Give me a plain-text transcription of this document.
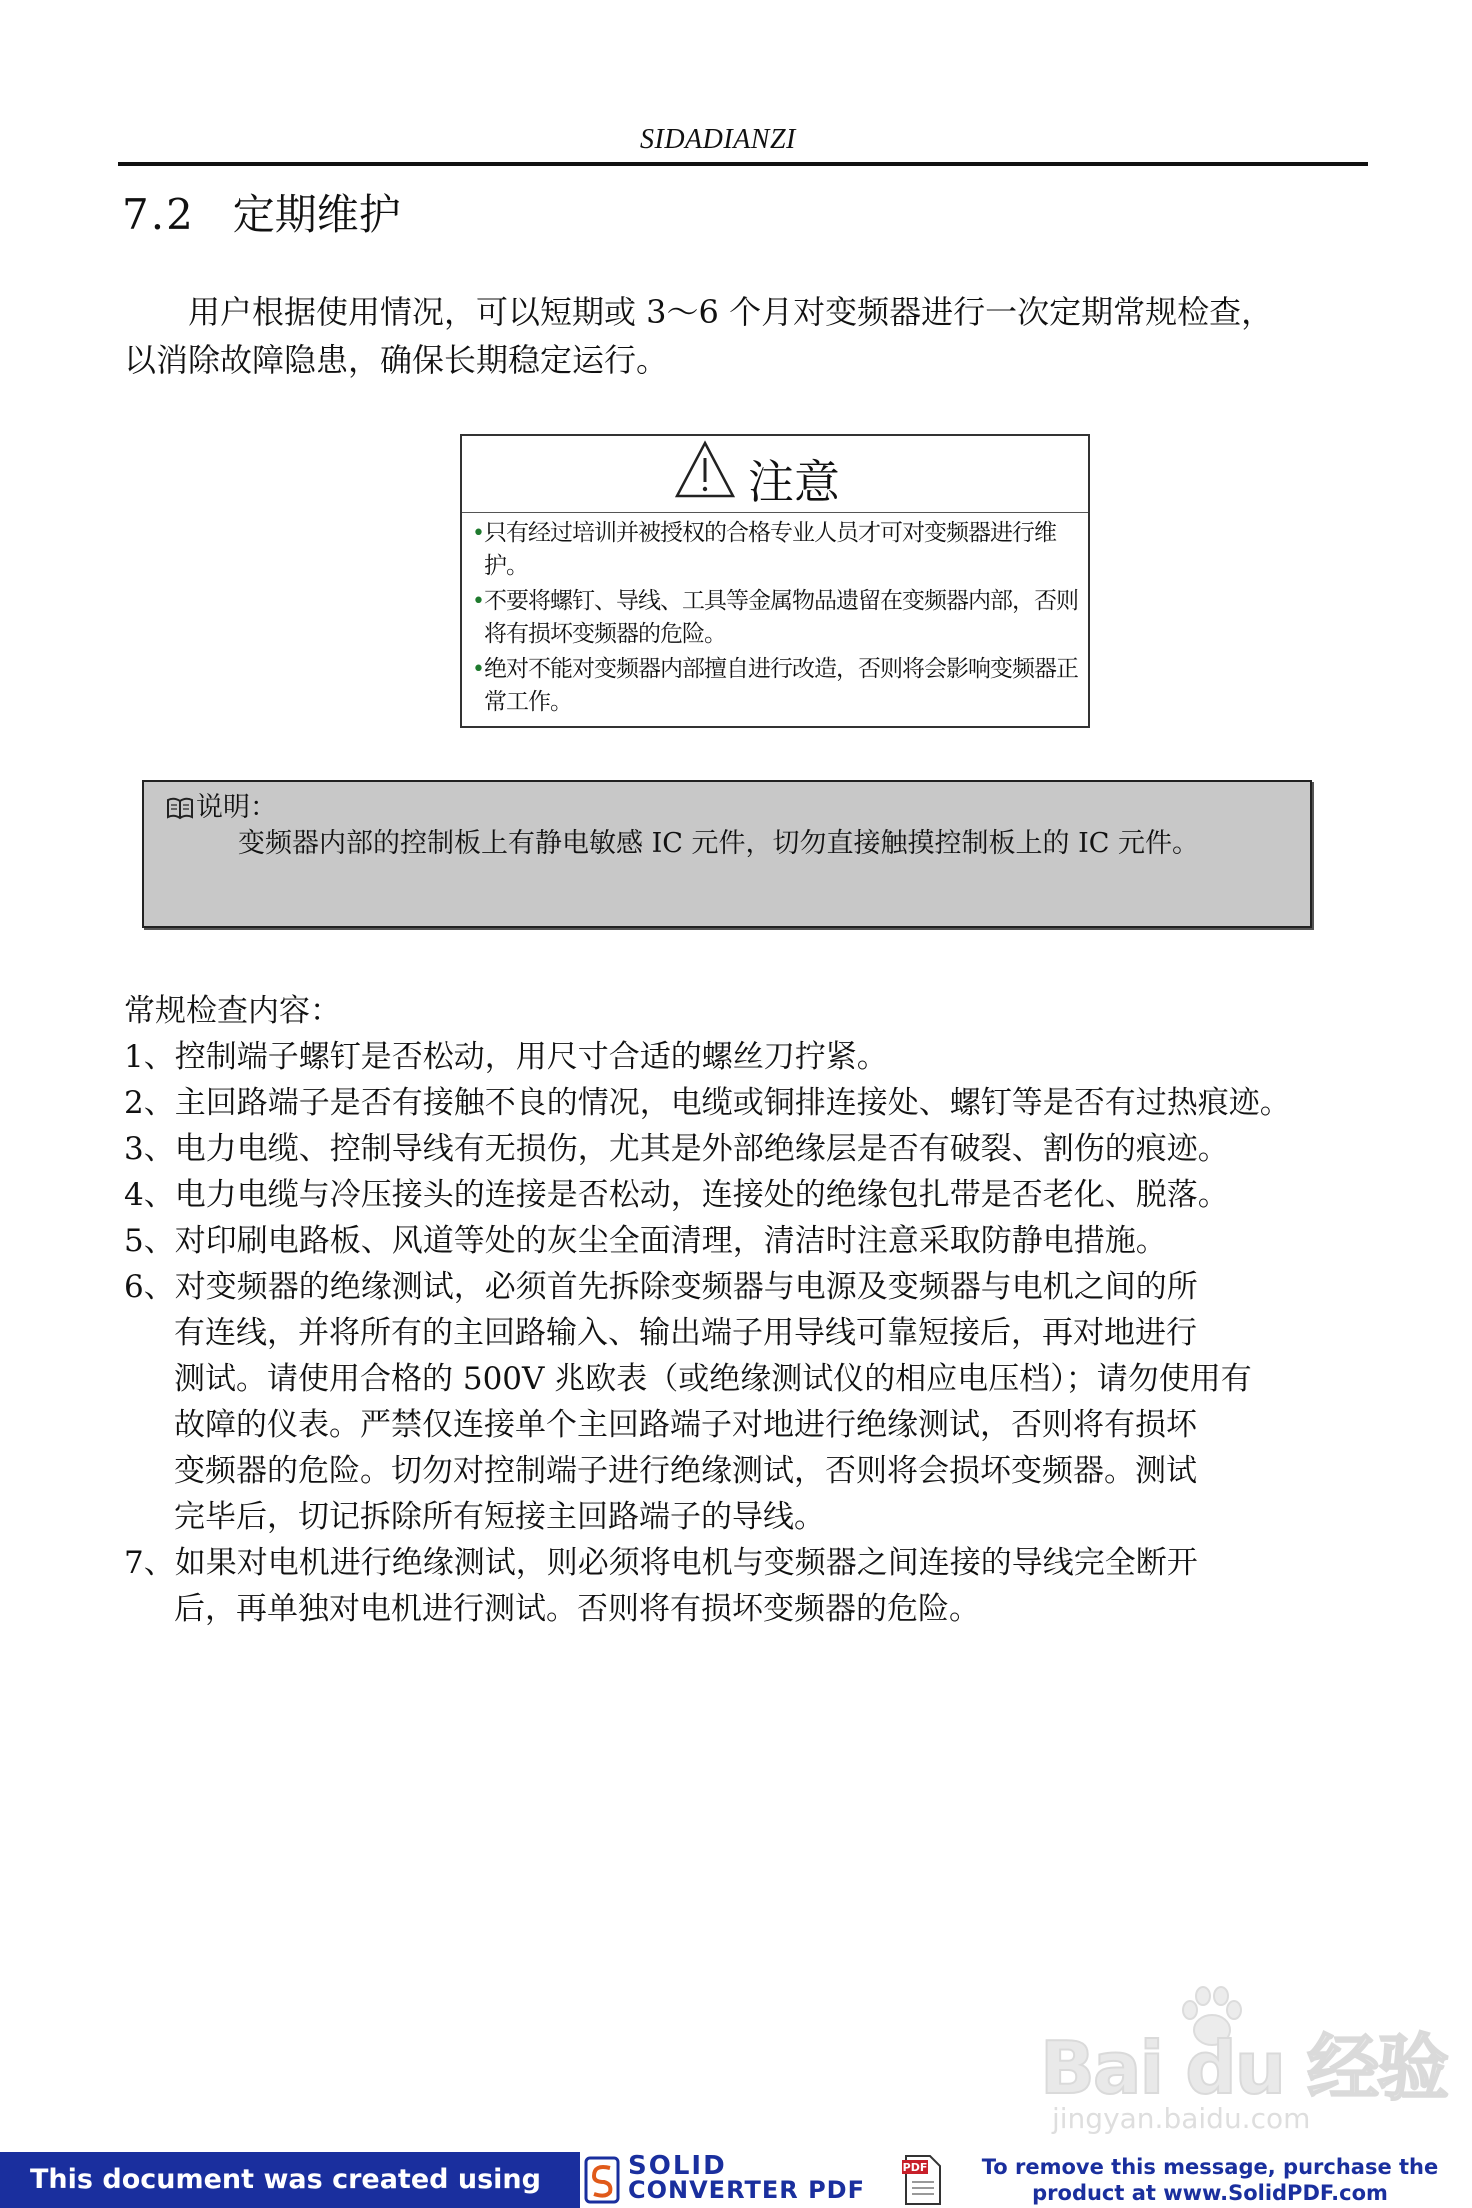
SIDADIANZI
7.2 定期维护
用户根据使用情况，可以短期或 3～6 个月对变频器进行一次定期常规检查，
以消除故障隐患，确保长期稳定运行。
注意
• 只有经过培训并被授权的合格专业人员才可对变频器进行维护。
• 不要将螺钉、导线、工具等金属物品遗留在变频器内部，否则将有损坏变频器的危险。
• 绝对不能对变频器内部擅自进行改造，否则将会影响变频器正常工作。
说明：
变频器内部的控制板上有静电敏感 IC 元件，切勿直接触摸控制板上的 IC 元件。
常规检查内容：
1、控制端子螺钉是否松动，用尺寸合适的螺丝刀拧紧。
2、主回路端子是否有接触不良的情况，电缆或铜排连接处、螺钉等是否有过热痕迹。
3、电力电缆、控制导线有无损伤，尤其是外部绝缘层是否有破裂、割伤的痕迹。
4、电力电缆与冷压接头的连接是否松动，连接处的绝缘包扎带是否老化、脱落。
5、对印刷电路板、风道等处的灰尘全面清理，清洁时注意采取防静电措施。
6、对变频器的绝缘测试，必须首先拆除变频器与电源及变频器与电机之间的所
有连线，并将所有的主回路输入、输出端子用导线可靠短接后，再对地进行
测试。请使用合格的 500V 兆欧表（或绝缘测试仪的相应电压档）；请勿使用有
故障的仪表。严禁仅连接单个主回路端子对地进行绝缘测试，否则将有损坏
变频器的危险。切勿对控制端子进行绝缘测试，否则将会损坏变频器。测试
完毕后，切记拆除所有短接主回路端子的导线。
7、如果对电机进行绝缘测试，则必须将电机与变频器之间连接的导线完全断开
后，再单独对电机进行测试。否则将有损坏变频器的危险。
Bai du 经验
jingyan.baidu.com
This document was created using	SOLID
CONVERTER PDF
PDF	To remove this message, purchase the
product at www.SolidPDF.com
